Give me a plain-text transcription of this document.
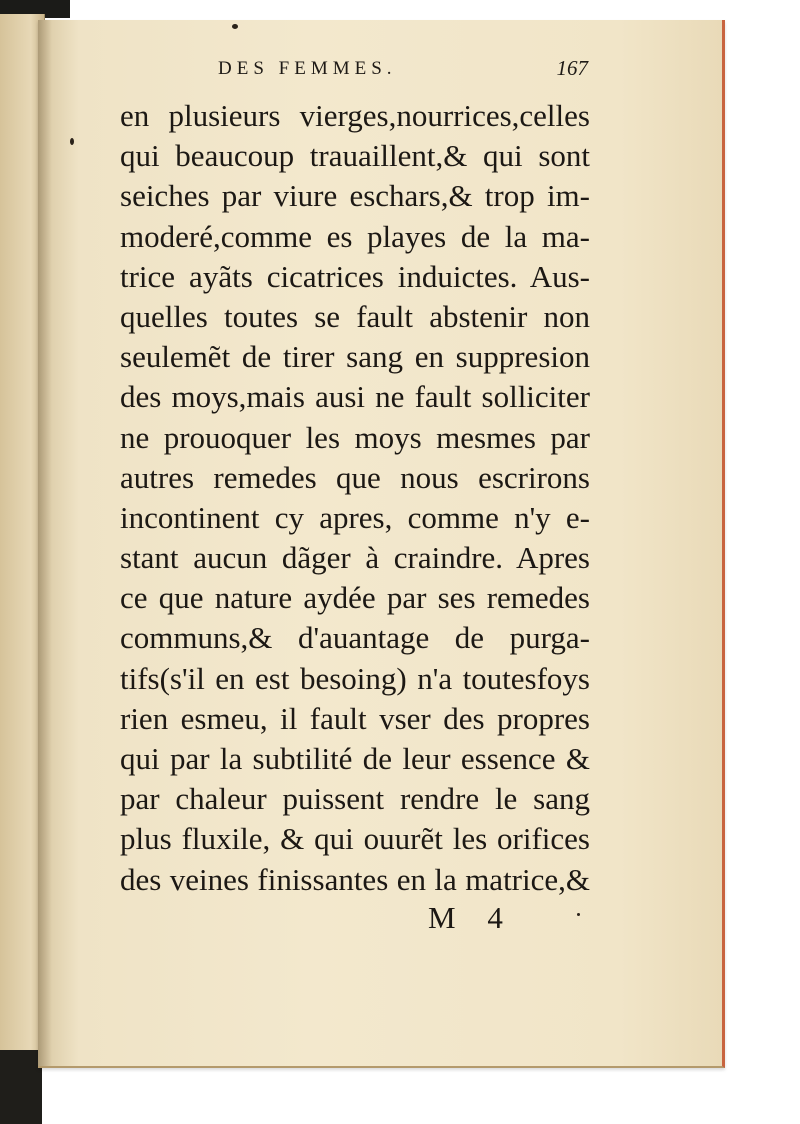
DES FEMMES.	167
en plusieurs vierges,nourrices,celles
qui beaucoup trauaillent,& qui sont
seiches par viure eschars,& trop im-
moderé,comme es playes de la ma-
trice ayãts cicatrices induictes. Aus-
quelles toutes se fault abstenir non
seulemẽt de tirer sang en suppresion
des moys,mais ausi ne fault solliciter
ne prouoquer les moys mesmes par
autres remedes que nous escrirons
incontinent cy apres, comme n'y e-
stant aucun dãger à craindre. Apres
ce que nature aydée par ses remedes
communs,& d'auantage de purga-
tifs(s'il en est besoing) n'a toutesfoys
rien esmeu, il fault vser des propres
qui par la subtilité de leur essence &
par chaleur puissent rendre le sang
plus fluxile, & qui ouurẽt les orifices
des veines finissantes en la matrice,&
M 4
